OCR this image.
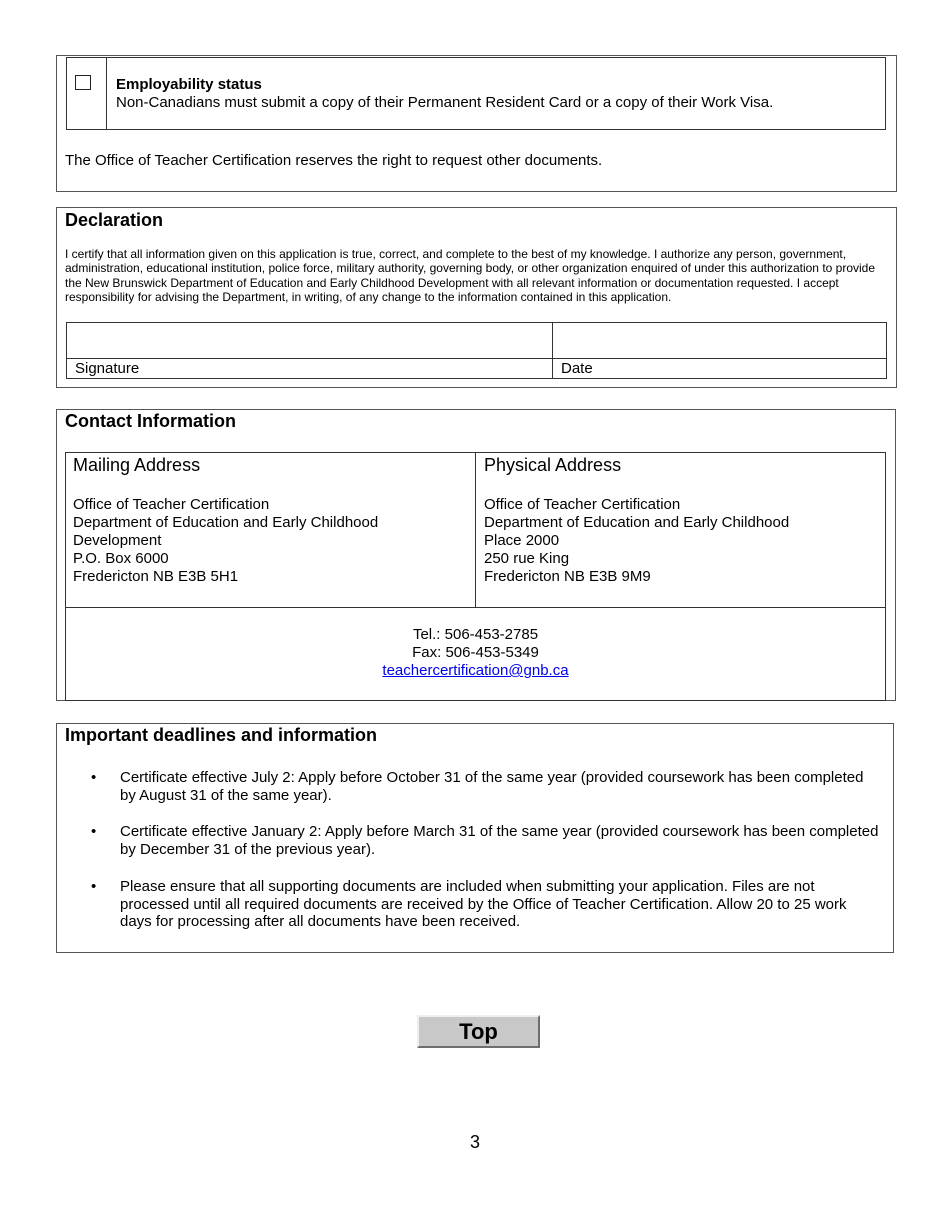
Employability status
Non-Canadians must submit a copy of their Permanent Resident Card or a copy of their Work Visa.
The Office of Teacher Certification reserves the right to request other documents.
Declaration
I certify that all information given on this application is true, correct, and complete to the best of my knowledge. I authorize any person, government, administration, educational institution, police force, military authority, governing body, or other organization enquired of under this authorization to provide the New Brunswick Department of Education and Early Childhood Development with all relevant information or documentation requested. I accept responsibility for advising the Department, in writing, of any change to the information contained in this application.
Signature	Date
Contact Information
Mailing Address
Office of Teacher Certification
Department of Education and Early Childhood
Development
P.O. Box 6000
Fredericton NB E3B 5H1
Physical Address
Office of Teacher Certification
Department of Education and Early Childhood
Place 2000
250 rue King
Fredericton NB E3B 9M9
Tel.: 506-453-2785
Fax: 506-453-5349
teachercertification@gnb.ca
Important deadlines and information
• Certificate effective July 2: Apply before October 31 of the same year (provided coursework has been completed by August 31 of the same year).
• Certificate effective January 2: Apply before March 31 of the same year (provided coursework has been completed by December 31 of the previous year).
• Please ensure that all supporting documents are included when submitting your application. Files are not processed until all required documents are received by the Office of Teacher Certification. Allow 20 to 25 work days for processing after all documents have been received.
Top
3
